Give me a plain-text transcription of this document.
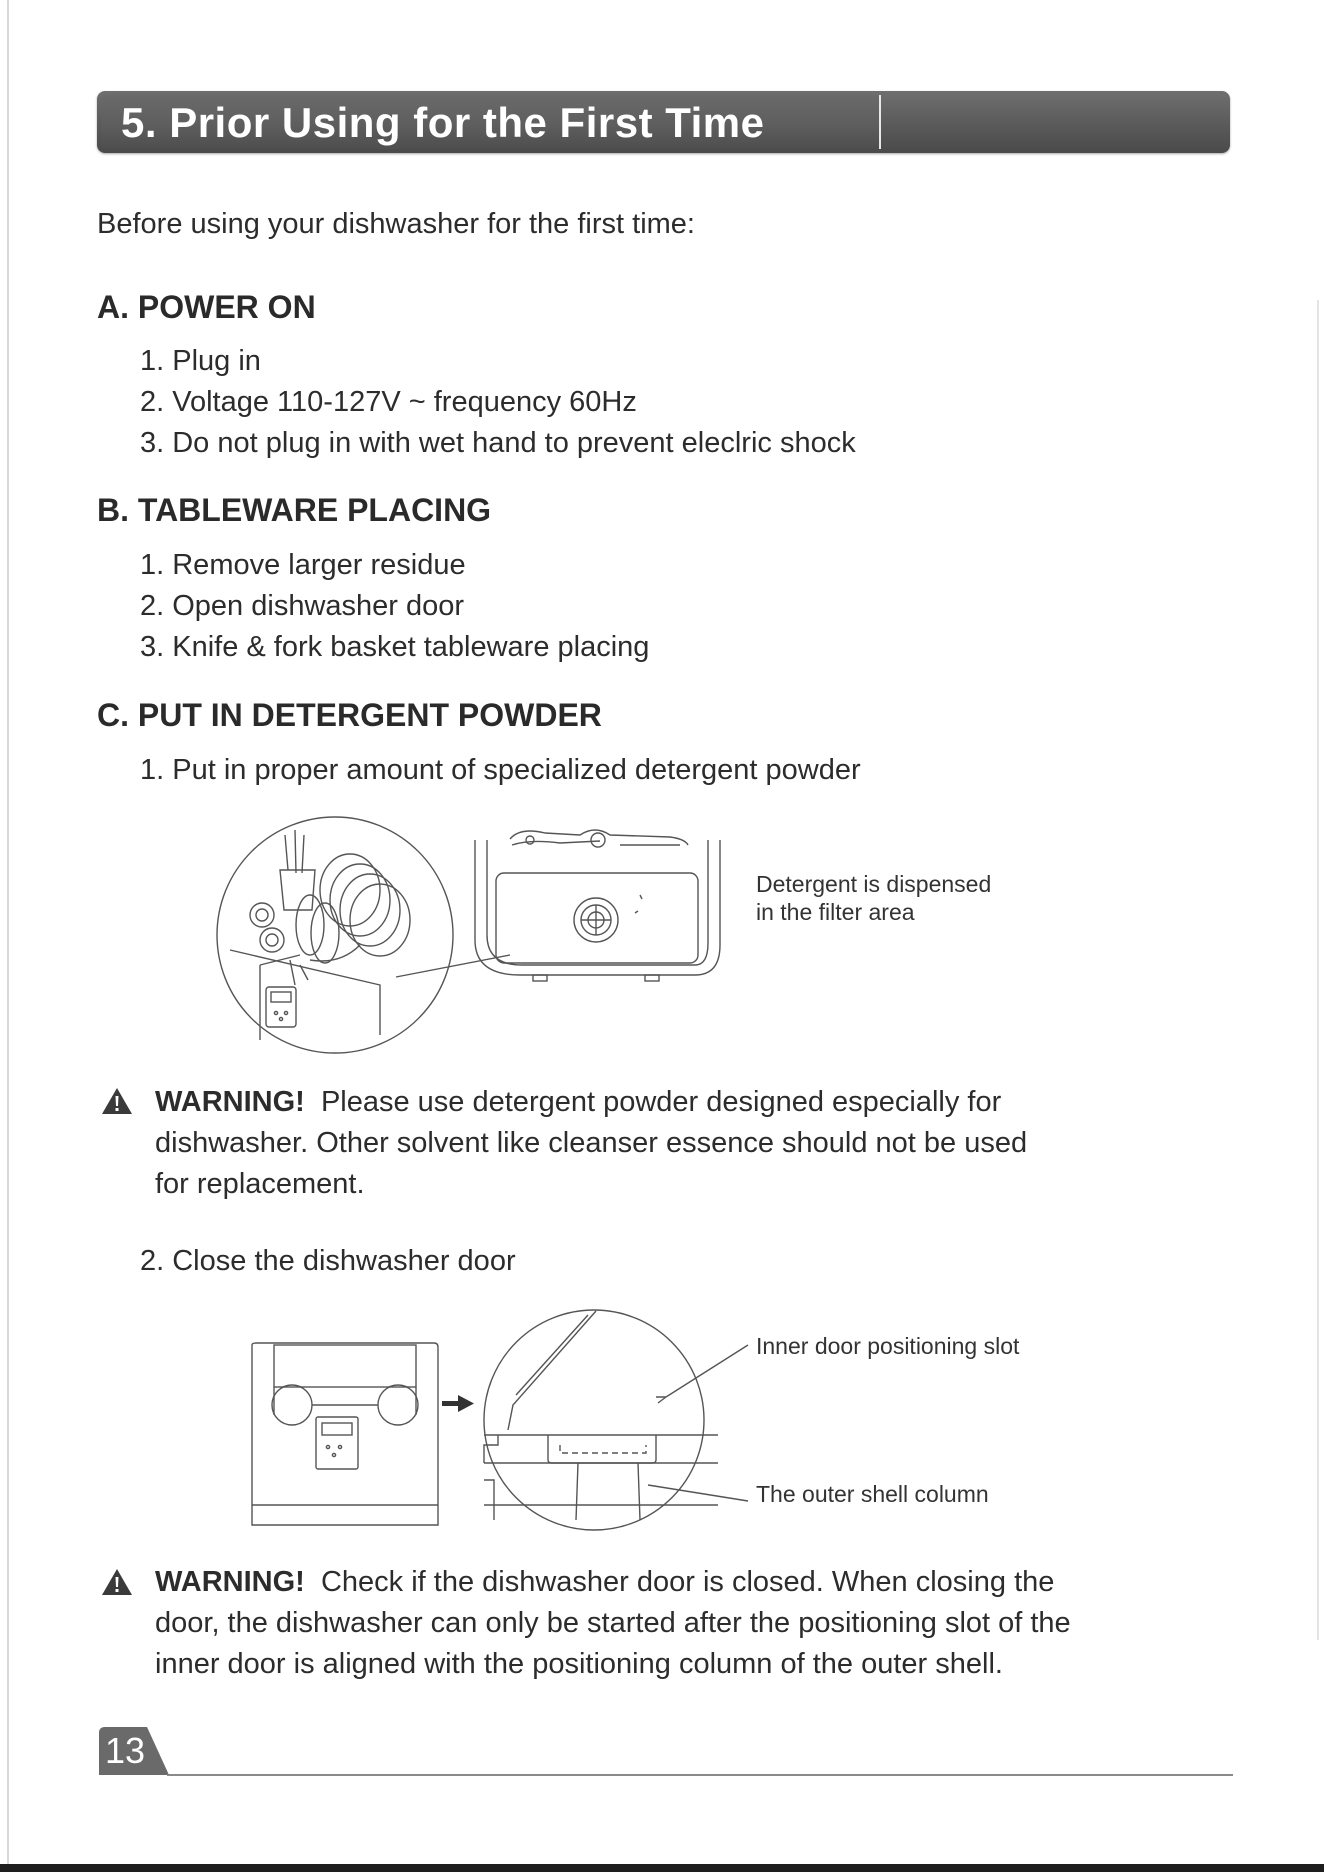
5. Prior Using for the First Time
Before using your dishwasher for the first time:
A. POWER ON
1. Plug in
2. Voltage 110-127V ~ frequency 60Hz
3. Do not plug in with wet hand to prevent eleclric shock
B. TABLEWARE PLACING
1. Remove larger residue
2. Open dishwasher door
3. Knife & fork basket tableware placing
C. PUT IN DETERGENT POWDER
1. Put in proper amount of specialized detergent powder
Detergent is dispensed
in the filter area
WARNING! Please use detergent powder designed especially for
dishwasher. Other solvent like cleanser essence should not be used
for replacement.
2. Close the dishwasher door
Inner door positioning slot
The outer shell column
WARNING! Check if the dishwasher door is closed. When closing the
door, the dishwasher can only be started after the positioning slot of the
inner door is aligned with the positioning column of the outer shell.
13
